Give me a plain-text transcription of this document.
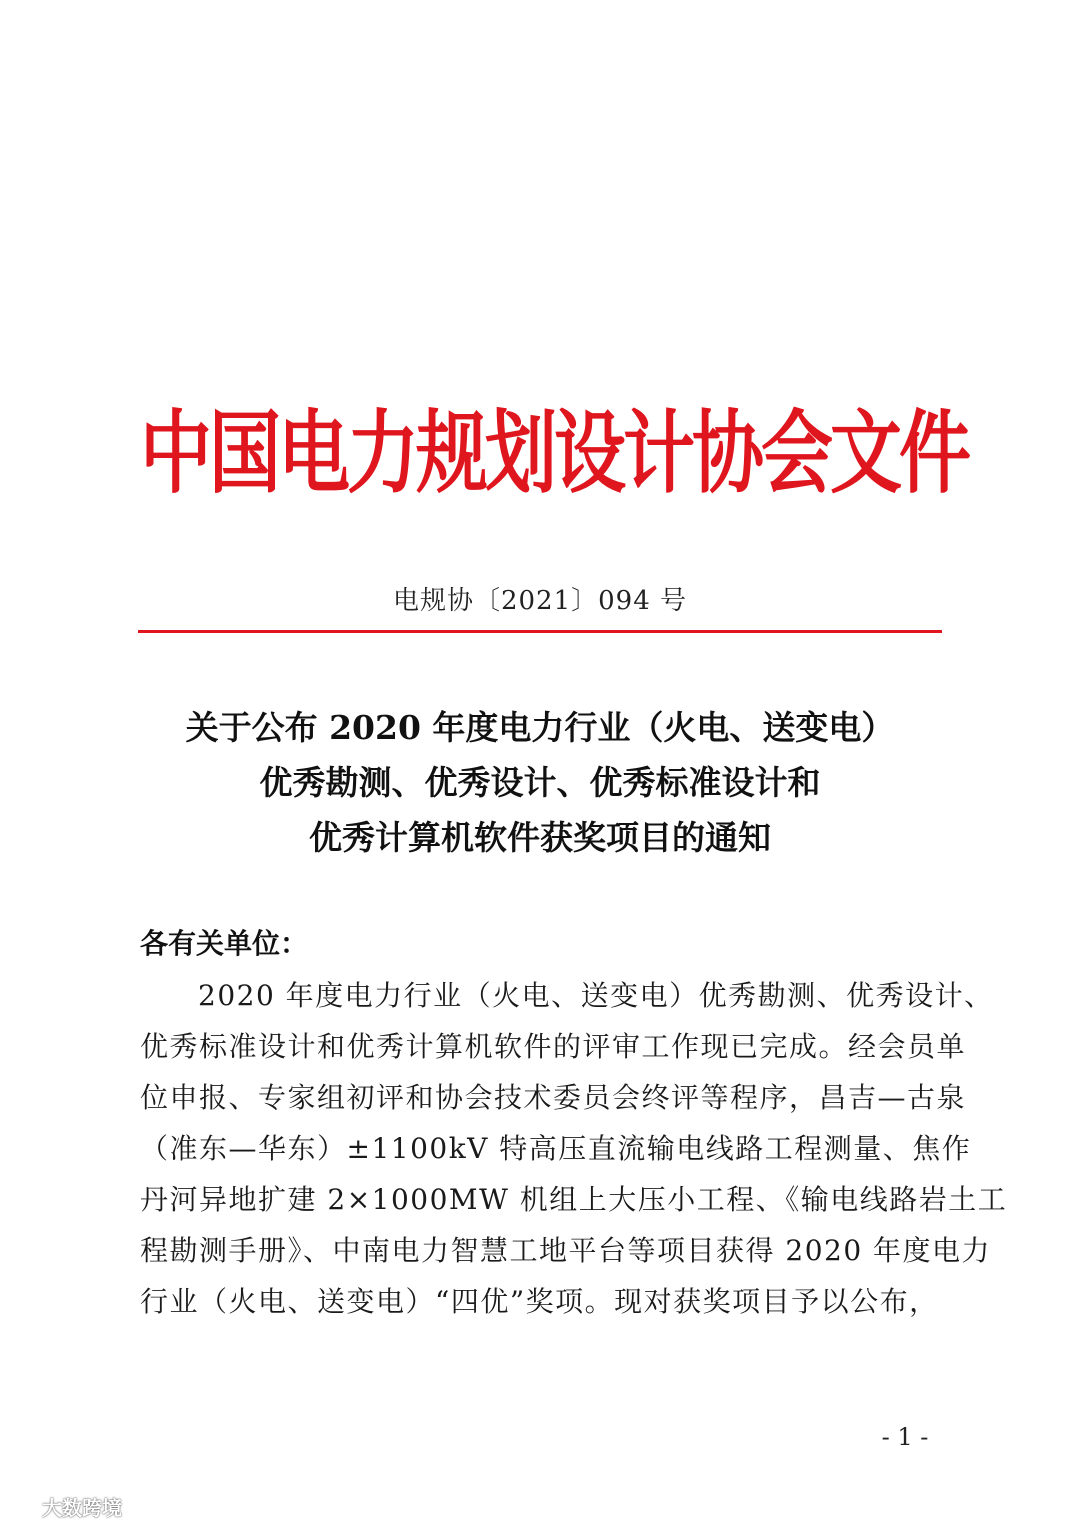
中国电力规划设计协会文件
电规协〔2021〕094 号
关于公布 2020 年度电力行业（火电、送变电）
优秀勘测、优秀设计、优秀标准设计和
优秀计算机软件获奖项目的通知
各有关单位：
2020 年度电力行业（火电、送变电）优秀勘测、优秀设计、
优秀标准设计和优秀计算机软件的评审工作现已完成。经会员单
位申报、专家组初评和协会技术委员会终评等程序，昌吉—古泉
（准东—华东）±1100kV 特高压直流输电线路工程测量、焦作
丹河异地扩建 2×1000MW 机组上大压小工程、《输电线路岩土工
程勘测手册》、中南电力智慧工地平台等项目获得 2020 年度电力
行业（火电、送变电）“四优”奖项。现对获奖项目予以公布，
- 1 -
大数跨境
